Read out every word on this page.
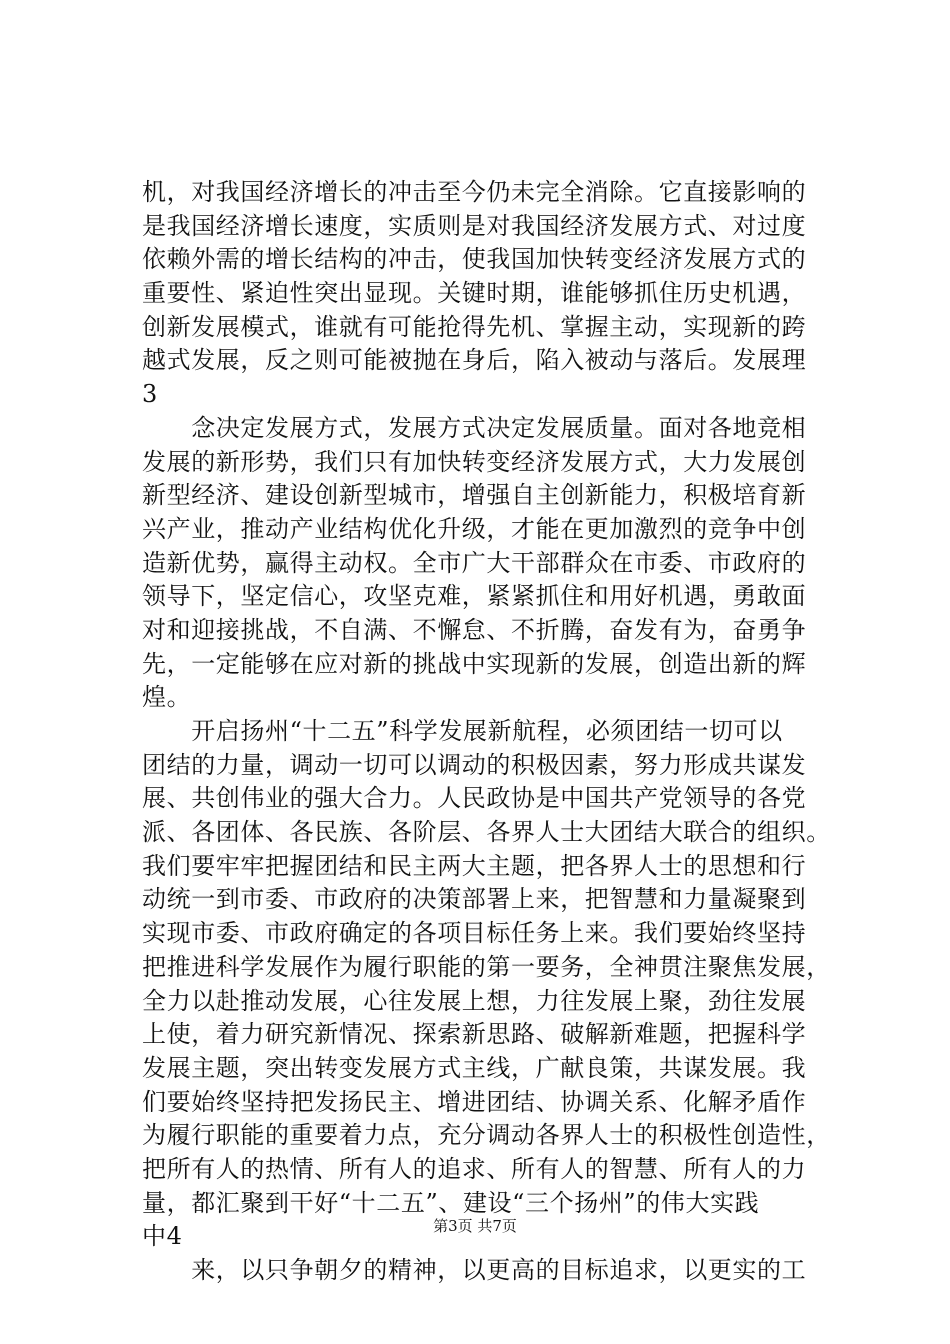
机，对我国经济增长的冲击至今仍未完全消除。它直接影响的
是我国经济增长速度，实质则是对我国经济发展方式、对过度
依赖外需的增长结构的冲击，使我国加快转变经济发展方式的
重要性、紧迫性突出显现。关键时期，谁能够抓住历史机遇，
创新发展模式，谁就有可能抢得先机、掌握主动，实现新的跨
越式发展，反之则可能被抛在身后，陷入被动与落后。发展理
3
　　念决定发展方式，发展方式决定发展质量。面对各地竞相
发展的新形势，我们只有加快转变经济发展方式，大力发展创
新型经济、建设创新型城市，增强自主创新能力，积极培育新
兴产业，推动产业结构优化升级，才能在更加激烈的竞争中创
造新优势，赢得主动权。全市广大干部群众在市委、市政府的
领导下，坚定信心，攻坚克难，紧紧抓住和用好机遇，勇敢面
对和迎接挑战，不自满、不懈怠、不折腾，奋发有为，奋勇争
先，一定能够在应对新的挑战中实现新的发展，创造出新的辉
煌。
　　开启扬州“十二五”科学发展新航程，必须团结一切可以
团结的力量，调动一切可以调动的积极因素，努力形成共谋发
展、共创伟业的强大合力。人民政协是中国共产党领导的各党
派、各团体、各民族、各阶层、各界人士大团结大联合的组织。
我们要牢牢把握团结和民主两大主题，把各界人士的思想和行
动统一到市委、市政府的决策部署上来，把智慧和力量凝聚到
实现市委、市政府确定的各项目标任务上来。我们要始终坚持
把推进科学发展作为履行职能的第一要务，全神贯注聚焦发展，
全力以赴推动发展，心往发展上想，力往发展上聚，劲往发展
上使，着力研究新情况、探索新思路、破解新难题，把握科学
发展主题，突出转变发展方式主线，广献良策，共谋发展。我
们要始终坚持把发扬民主、增进团结、协调关系、化解矛盾作
为履行职能的重要着力点，充分调动各界人士的积极性创造性，
把所有人的热情、所有人的追求、所有人的智慧、所有人的力
量，都汇聚到干好“十二五”、建设“三个扬州”的伟大实践
中4
　　来，以只争朝夕的精神，以更高的目标追求，以更实的工
第3页 共7页
